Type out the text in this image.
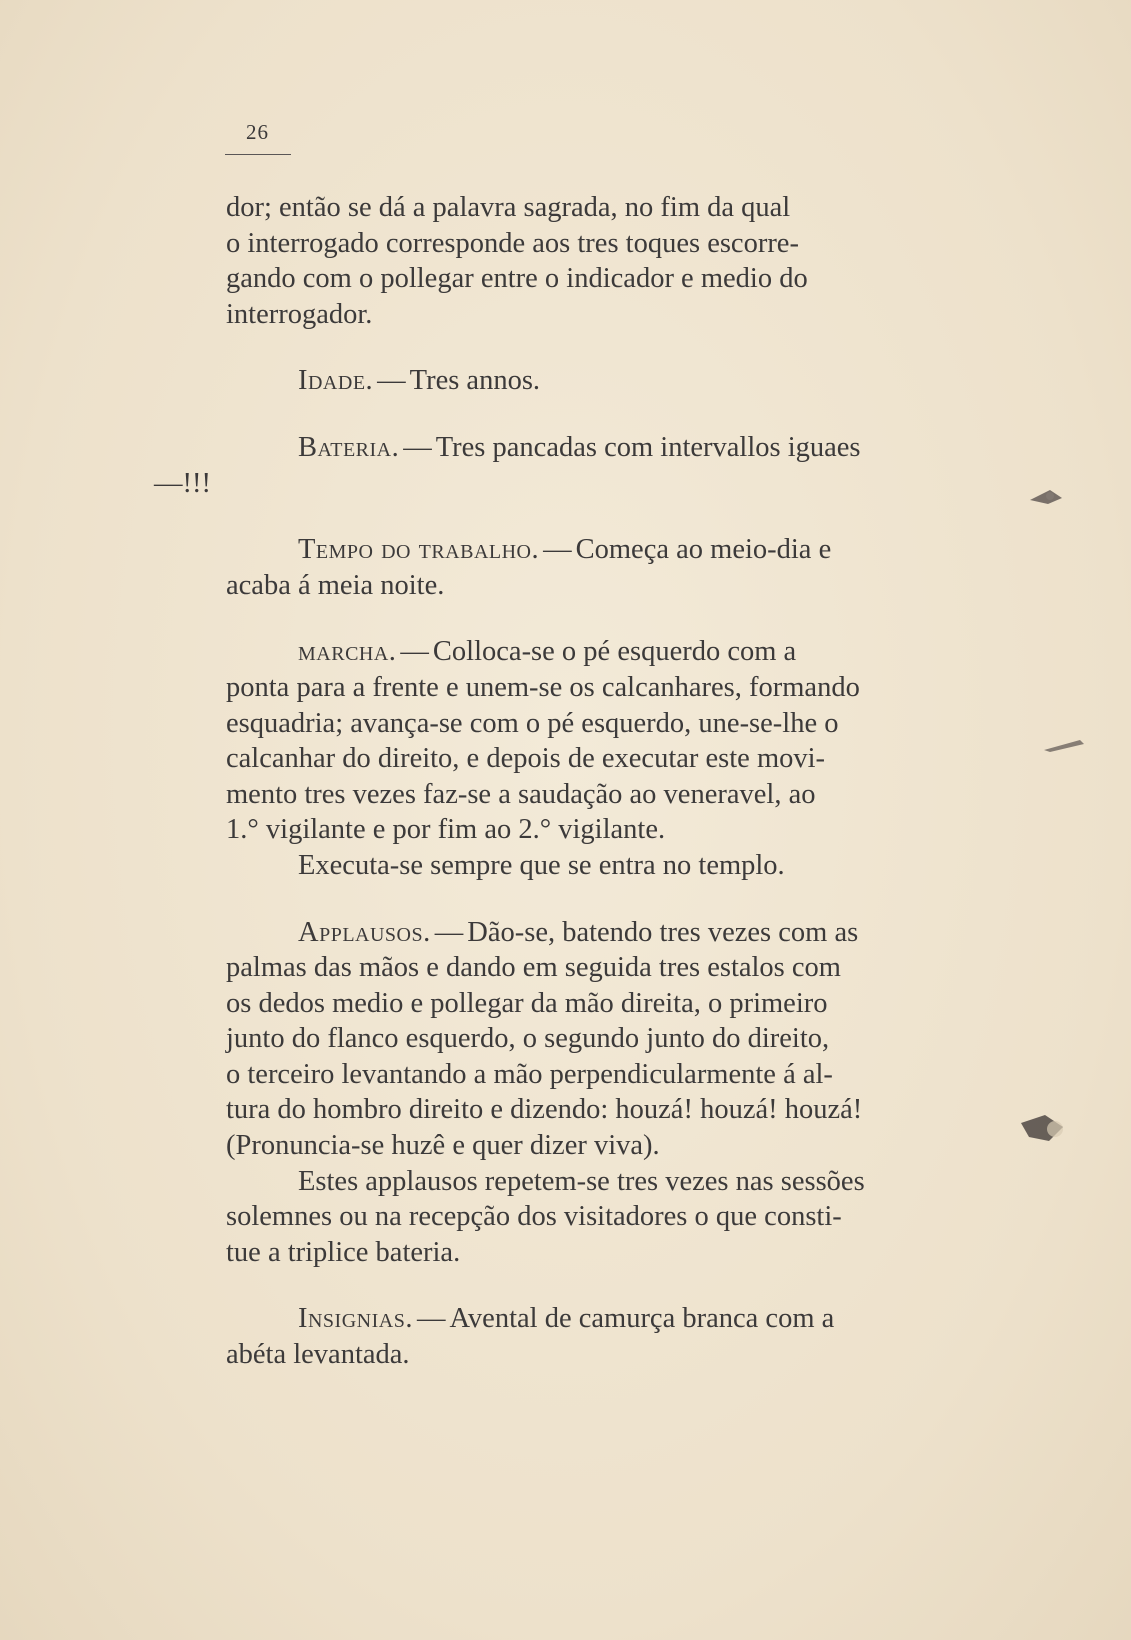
26

dor; então se dá a palavra sagrada, no fim da qual
o interrogado corresponde aos tres toques escorre-
gando com o pollegar entre o indicador e medio do
interrogador.

Idade. — Tres annos.

Bateria. — Tres pancadas com intervallos iguaes
—!!!

Tempo do trabalho. — Começa ao meio-dia e
acaba á meia noite.

marcha. — Colloca-se o pé esquerdo com a

ponta para a frente e unem-se os calcanhares, formando
esquadria; avança-se com o pé esquerdo, une-se-lhe o
calcanhar do direito, e depois de executar este movi-
mento tres vezes faz-se a saudação ao veneravel, ao
1.° vigilante e por fim ao 2.° vigilante.

Executa-se sempre que se entra no templo.

Applausos. — Dão-se, batendo tres vezes com as

palmas das mãos e dando em seguida tres estalos com
os dedos medio e pollegar da mão direita, o primeiro
junto do flanco esquerdo, o segundo junto do direito,
o terceiro levantando a mão perpendicularmente á al-
tura do hombro direito e dizendo: houzá! houzá! houzá!
(Pronuncia-se huzê e quer dizer viva).

Estes applausos repetem-se tres vezes nas sessões

solemnes ou na recepção dos visitadores o que consti-
tue a triplice bateria.

Insignias. — Avental de camurça branca com a
abéta levantada.
